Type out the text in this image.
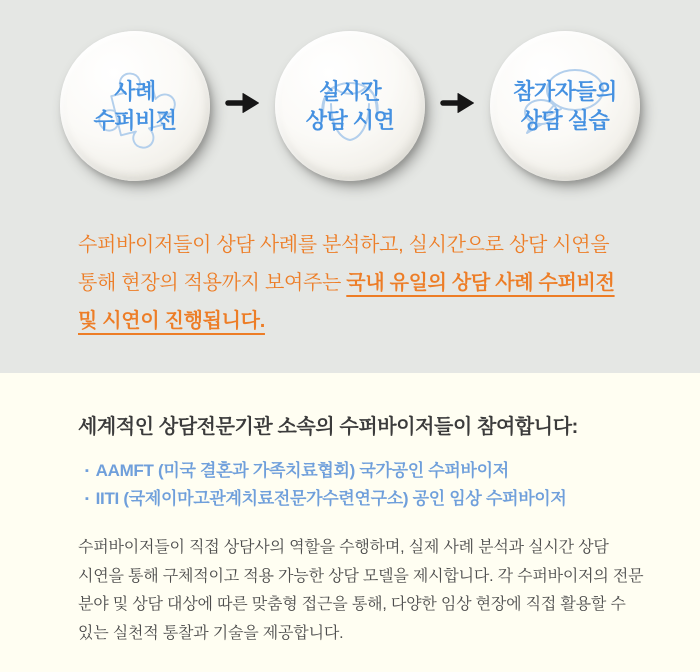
사례
수퍼비전
실시간
상담 시연
참가자들의
상담 실습

수퍼바이저들이 상담 사례를 분석하고, 실시간으로 상담 시연을
통해 현장의 적용까지 보여주는 국내 유일의 상담 사례 수퍼비전
및 시연이 진행됩니다.

세계적인 상담전문기관 소속의 수퍼바이저들이 참여합니다:
▪ AAMFT (미국 결혼과 가족치료협회) 국가공인 수퍼바이저
▪ IITI (국제이마고관계치료전문가수련연구소) 공인 임상 수퍼바이저

수퍼바이저들이 직접 상담사의 역할을 수행하며, 실제 사례 분석과 실시간 상담 시연을 통해 구체적이고 적용 가능한 상담 모델을 제시합니다. 각 수퍼바이저의 전문 분야 및 상담 대상에 따른 맞춤형 접근을 통해, 다양한 임상 현장에 직접 활용할 수 있는 실천적 통찰과 기술을 제공합니다.
